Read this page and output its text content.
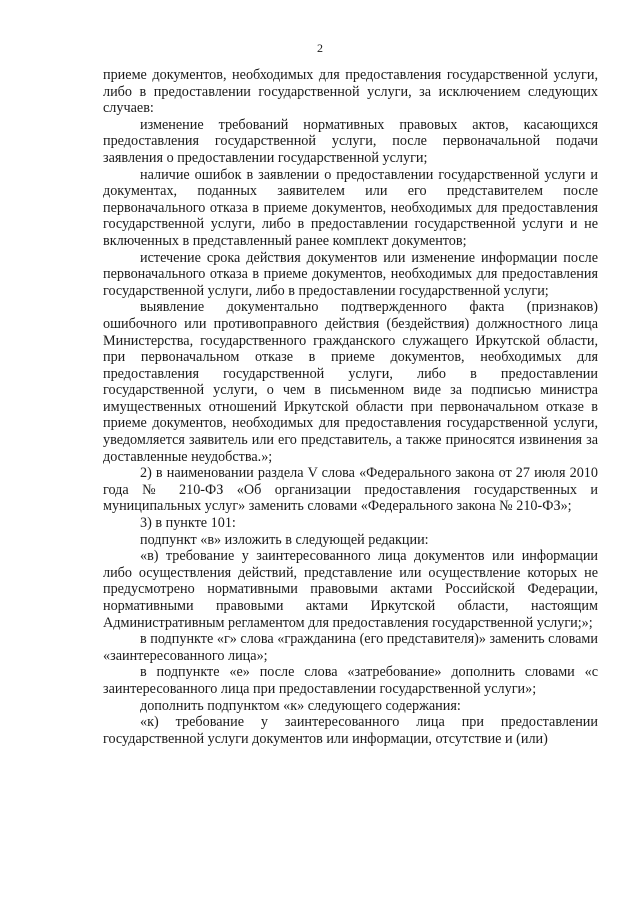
2

приеме документов, необходимых для предоставления государственной услуги, либо в предоставлении государственной услуги, за исключением следующих случаев:

изменение требований нормативных правовых актов, касающихся предоставления государственной услуги, после первоначальной подачи заявления о предоставлении государственной услуги;

наличие ошибок в заявлении о предоставлении государственной услуги и документах, поданных заявителем или его представителем после первоначального отказа в приеме документов, необходимых для предоставления государственной услуги, либо в предоставлении государственной услуги и не включенных в представленный ранее комплект документов;

истечение срока действия документов или изменение информации после первоначального отказа в приеме документов, необходимых для предоставления государственной услуги, либо в предоставлении государственной услуги;

выявление документально подтвержденного факта (признаков) ошибочного или противоправного действия (бездействия) должностного лица Министерства, государственного гражданского служащего Иркутской области, при первоначальном отказе в приеме документов, необходимых для предоставления государственной услуги, либо в предоставлении государственной услуги, о чем в письменном виде за подписью министра имущественных отношений Иркутской области при первоначальном отказе в приеме документов, необходимых для предоставления государственной услуги, уведомляется заявитель или его представитель, а также приносятся извинения за доставленные неудобства.»;

2) в наименовании раздела V слова «Федерального закона от 27 июля 2010 года № 210-ФЗ «Об организации предоставления государственных и муниципальных услуг» заменить словами «Федерального закона № 210-ФЗ»;

3) в пункте 101:

подпункт «в» изложить в следующей редакции:

«в) требование у заинтересованного лица документов или информации либо осуществления действий, представление или осуществление которых не предусмотрено нормативными правовыми актами Российской Федерации, нормативными правовыми актами Иркутской области, настоящим Административным регламентом для предоставления государственной услуги;»;

в подпункте «г» слова «гражданина (его представителя)» заменить словами «заинтересованного лица»;

в подпункте «е» после слова «затребование» дополнить словами «с заинтересованного лица при предоставлении государственной услуги»;

дополнить подпунктом «к» следующего содержания:

«к) требование у заинтересованного лица при предоставлении государственной услуги документов или информации, отсутствие и (или)
